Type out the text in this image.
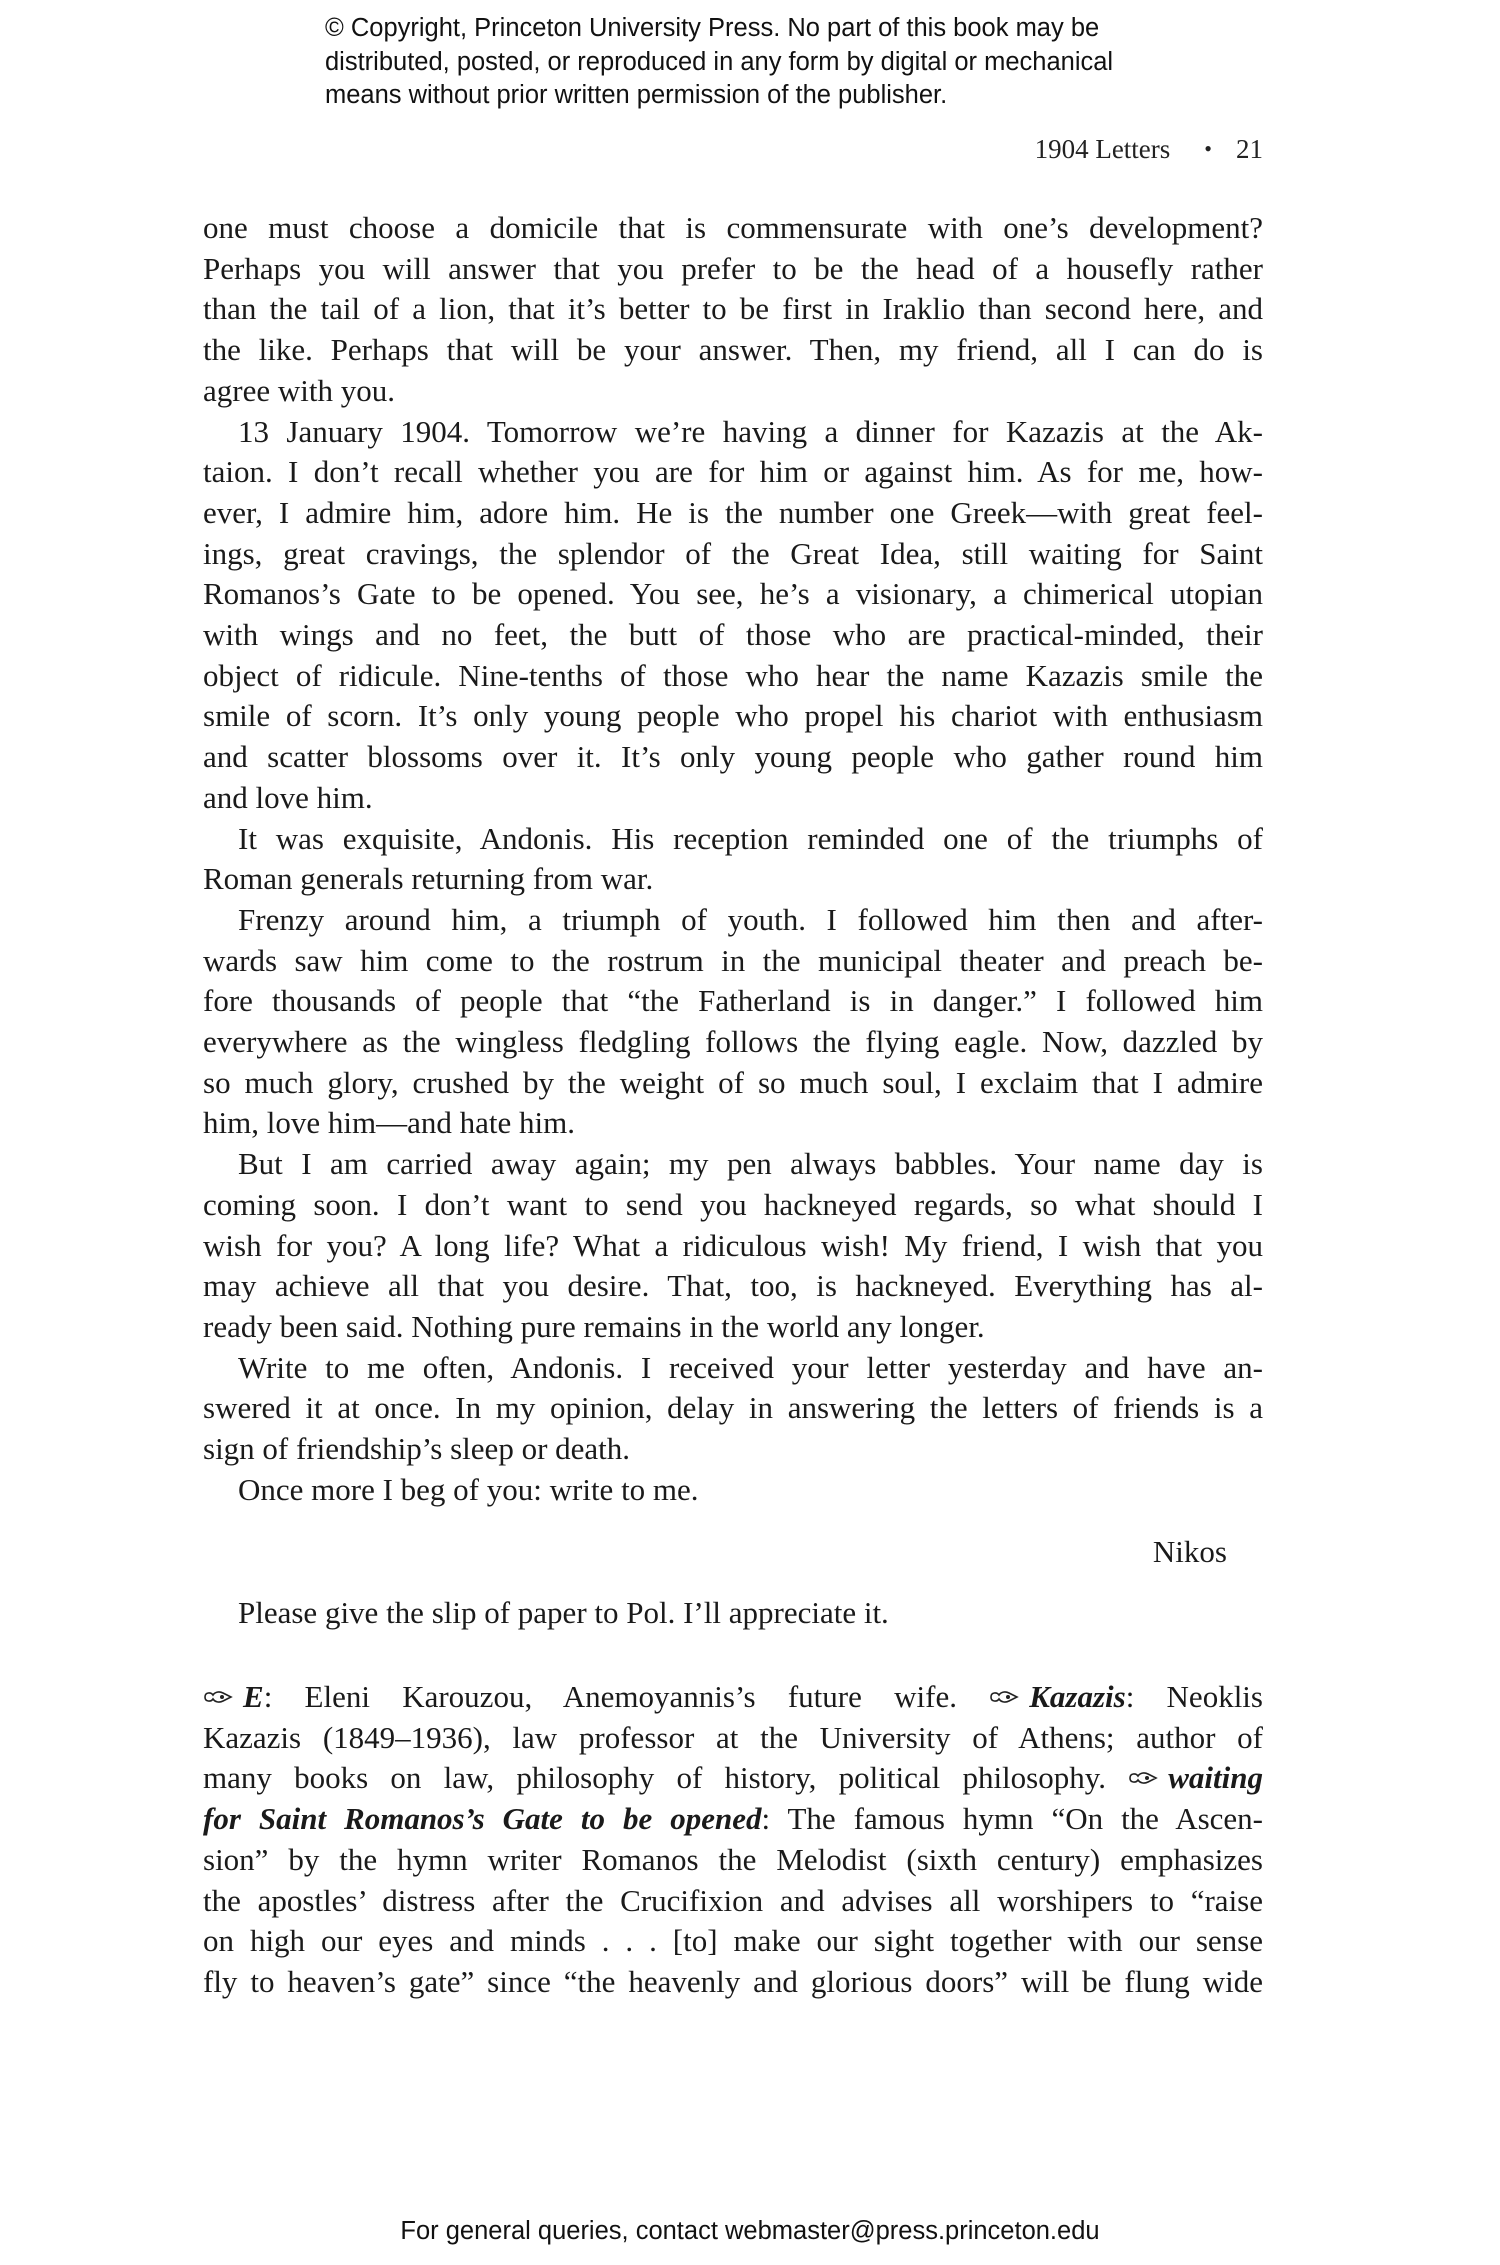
© Copyright, Princeton University Press. No part of this book may be
distributed, posted, or reproduced in any form by digital or mechanical
means without prior written permission of the publisher.
1904 Letters • 21

one must choose a domicile that is commensurate with one’s development?
Perhaps you will answer that you prefer to be the head of a housefly rather
than the tail of a lion, that it’s better to be first in Iraklio than second here, and
the like. Perhaps that will be your answer. Then, my friend, all I can do is
agree with you.

13 January 1904. Tomorrow we’re having a dinner for Kazazis at the Ak-
taion. I don’t recall whether you are for him or against him. As for me, how-
ever, I admire him, adore him. He is the number one Greek—with great feel-
ings, great cravings, the splendor of the Great Idea, still waiting for Saint
Romanos’s Gate to be opened. You see, he’s a visionary, a chimerical utopian
with wings and no feet, the butt of those who are practical-minded, their
object of ridicule. Nine-tenths of those who hear the name Kazazis smile the
smile of scorn. It’s only young people who propel his chariot with enthusiasm
and scatter blossoms over it. It’s only young people who gather round him
and love him.

It was exquisite, Andonis. His reception reminded one of the triumphs of
Roman generals returning from war.

Frenzy around him, a triumph of youth. I followed him then and after-
wards saw him come to the rostrum in the municipal theater and preach be-
fore thousands of people that “the Fatherland is in danger.” I followed him
everywhere as the wingless fledgling follows the flying eagle. Now, dazzled by
so much glory, crushed by the weight of so much soul, I exclaim that I admire
him, love him—and hate him.

But I am carried away again; my pen always babbles. Your name day is
coming soon. I don’t want to send you hackneyed regards, so what should I
wish for you? A long life? What a ridiculous wish! My friend, I wish that you
may achieve all that you desire. That, too, is hackneyed. Everything has al-
ready been said. Nothing pure remains in the world any longer.

Write to me often, Andonis. I received your letter yesterday and have an-
swered it at once. In my opinion, delay in answering the letters of friends is a
sign of friendship’s sleep or death.

Once more I beg of you: write to me.

Nikos

Please give the slip of paper to Pol. I’ll appreciate it.

E: Eleni Karouzou, Anemoyannis’s future wife. Kazazis: Neoklis
Kazazis (1849–1936), law professor at the University of Athens; author of
many books on law, philosophy of history, political philosophy. waiting
for Saint Romanos’s Gate to be opened: The famous hymn “On the Ascen-
sion” by the hymn writer Romanos the Melodist (sixth century) emphasizes
the apostles’ distress after the Crucifixion and advises all worshipers to “raise
on high our eyes and minds . . . [to] make our sight together with our sense
fly to heaven’s gate” since “the heavenly and glorious doors” will be flung wide
For general queries, contact webmaster@press.princeton.edu
